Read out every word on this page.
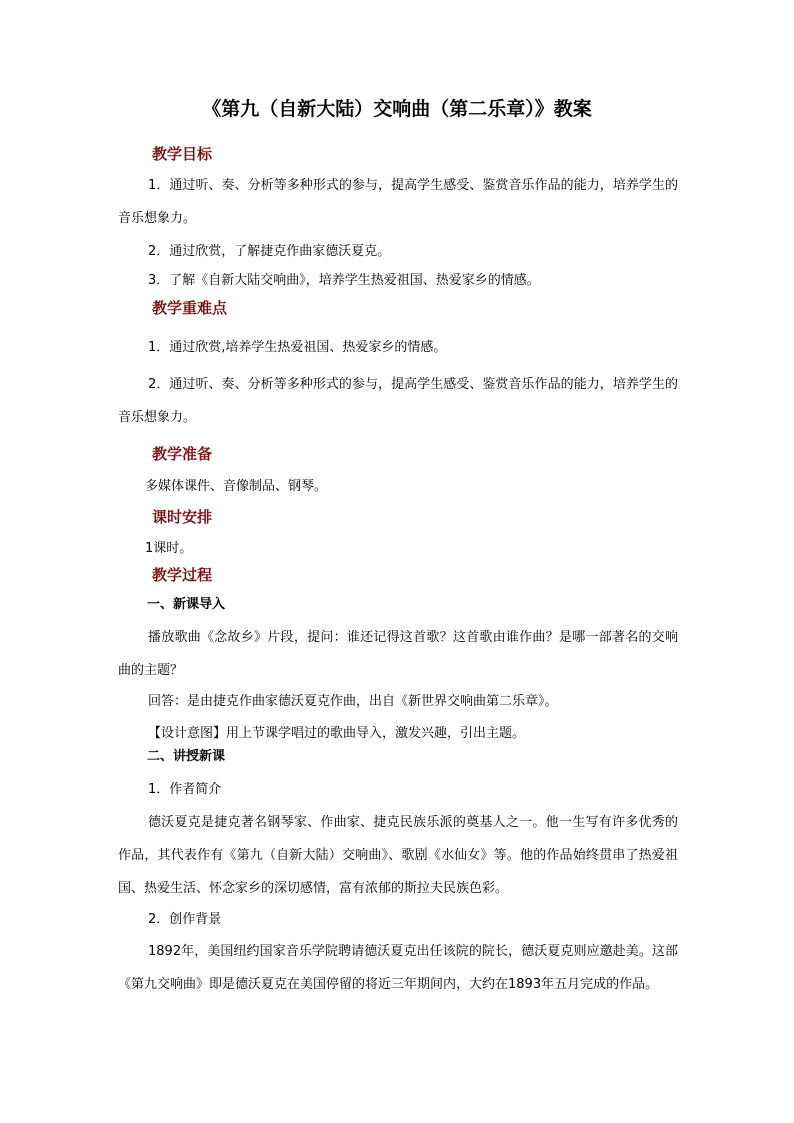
《第九（自新大陆）交响曲（第二乐章）》教案
教学目标
1．通过听、奏、分析等多种形式的参与，提高学生感受、鉴赏音乐作品的能力，培养学生的音乐想象力。
2．通过欣赏，了解捷克作曲家德沃夏克。
3．了解《自新大陆交响曲》，培养学生热爱祖国、热爱家乡的情感。
教学重难点
1．通过欣赏,培养学生热爱祖国、热爱家乡的情感。
2．通过听、奏、分析等多种形式的参与，提高学生感受、鉴赏音乐作品的能力，培养学生的音乐想象力。
教学准备
多媒体课件、音像制品、钢琴。
课时安排
1课时。
教学过程
一、新课导入
播放歌曲《念故乡》片段，提问：谁还记得这首歌？这首歌由谁作曲？是哪一部著名的交响曲的主题？
回答：是由捷克作曲家德沃夏克作曲，出自《新世界交响曲第二乐章》。
【设计意图】用上节课学唱过的歌曲导入，激发兴趣，引出主题。
二、讲授新课
1．作者简介
德沃夏克是捷克著名钢琴家、作曲家、捷克民族乐派的奠基人之一。他一生写有许多优秀的作品，其代表作有《第九（自新大陆）交响曲》、歌剧《水仙女》等。他的作品始终贯串了热爱祖国、热爱生活、怀念家乡的深切感情，富有浓郁的斯拉夫民族色彩。
2．创作背景
1892年，美国纽约国家音乐学院聘请德沃夏克出任该院的院长，德沃夏克则应邀赴美。这部《第九交响曲》即是德沃夏克在美国停留的将近三年期间内，大约在1893年五月完成的作品。
